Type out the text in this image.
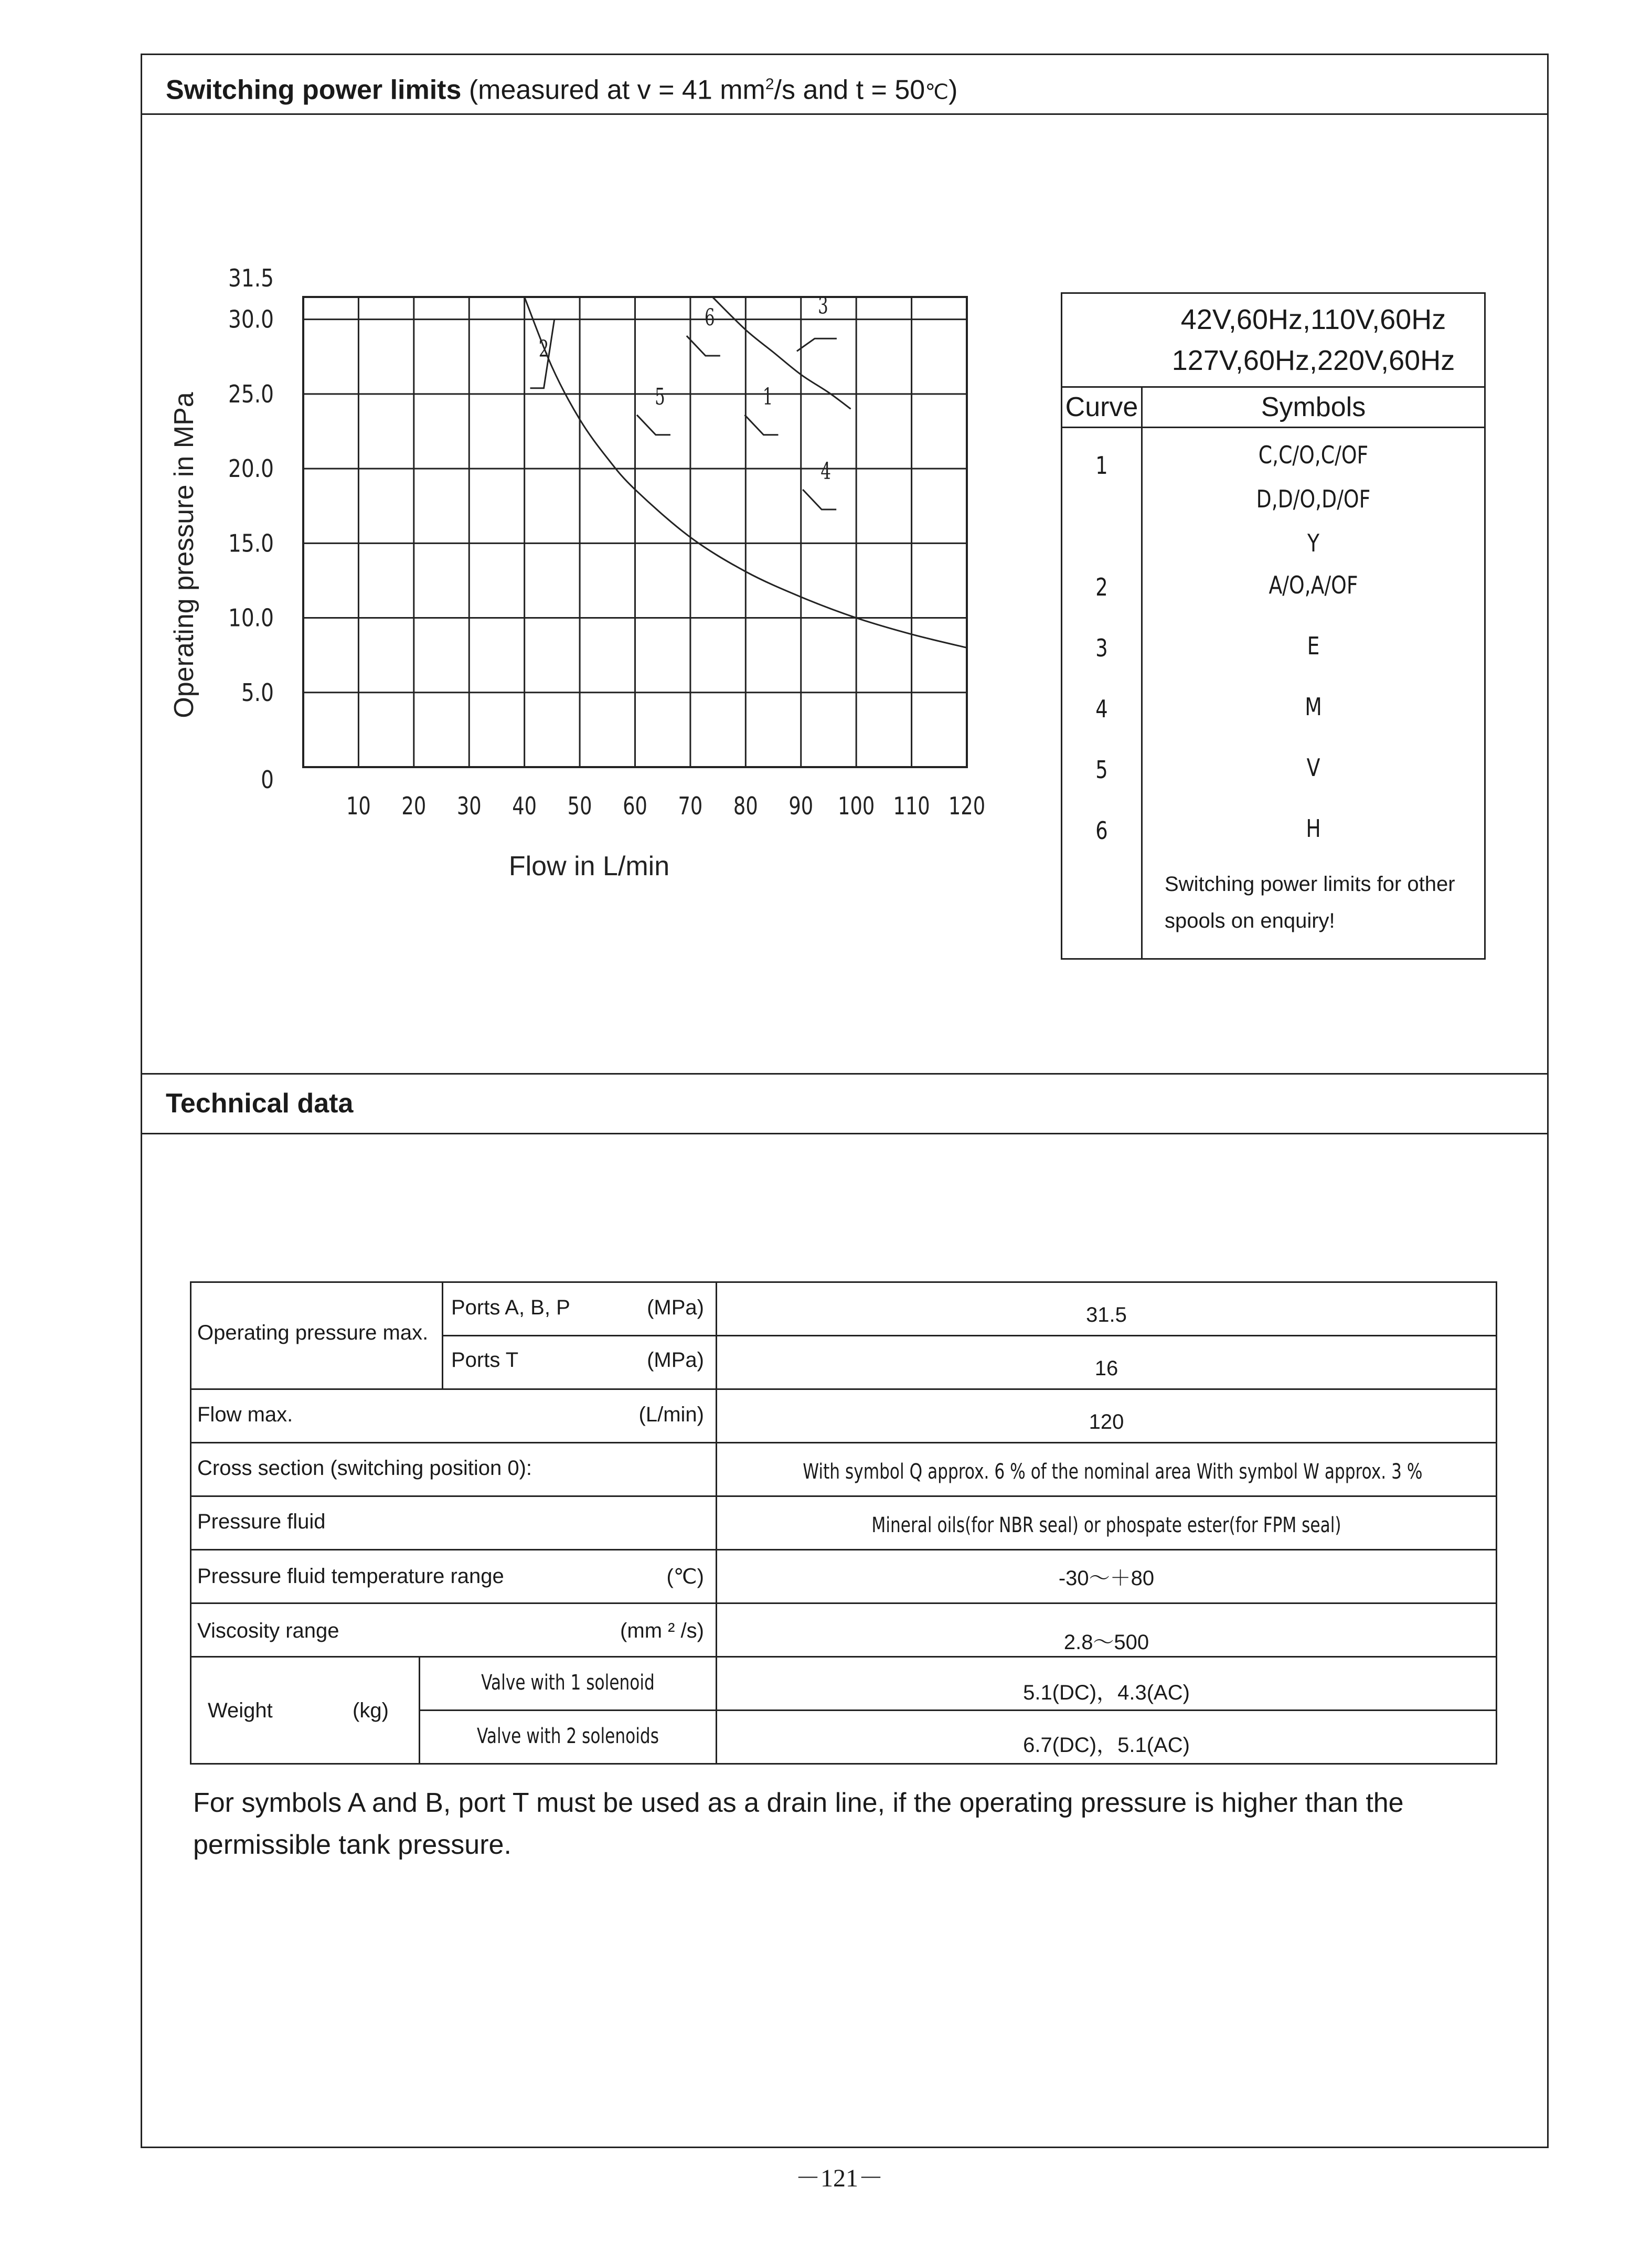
Switching power limits (measured at v = 41 $mm^2/s$ and t = 50℃)
10 20 30 40 50 60 70 80 90 100 110 120
0
5.0
10.0
15.0
20.0
25.0
30.0
31.5
2
6	3
5	1
4
Operating pressure in MPa
Flow in L/min
42V,60Hz,110V,60Hz
127V,60Hz,220V,60Hz
Curve	Symbols
1	C,C/O,C/OF
D,D/O,D/OF
Y
2	A/O,A/OF
3	E
4	M
5	V
6	H
Switching power limits for other
spools on enquiry!
Technical data
Operating pressure max.
Ports A, B, P	(MPa)	31.5
Ports T	(MPa)	16
Flow max.	(L/min)	120
Cross section (switching position 0):	With symbol Q approx. 6 % of the nominal area With symbol W approx. 3 %
Pressure fluid	Mineral oils(for NBR seal) or phospate ester(for FPM seal)
Pressure fluid temperature range	(℃)	-30～＋80
Viscosity range	(mm ² /s)	2.8～500
Weight	(kg)
Valve with 1 solenoid	5.1(DC)，4.3(AC)
Valve with 2 solenoids	6.7(DC)，5.1(AC)
For symbols A and B, port T must be used as a drain line, if the operating pressure is higher than the permissible tank pressure.
－121－
